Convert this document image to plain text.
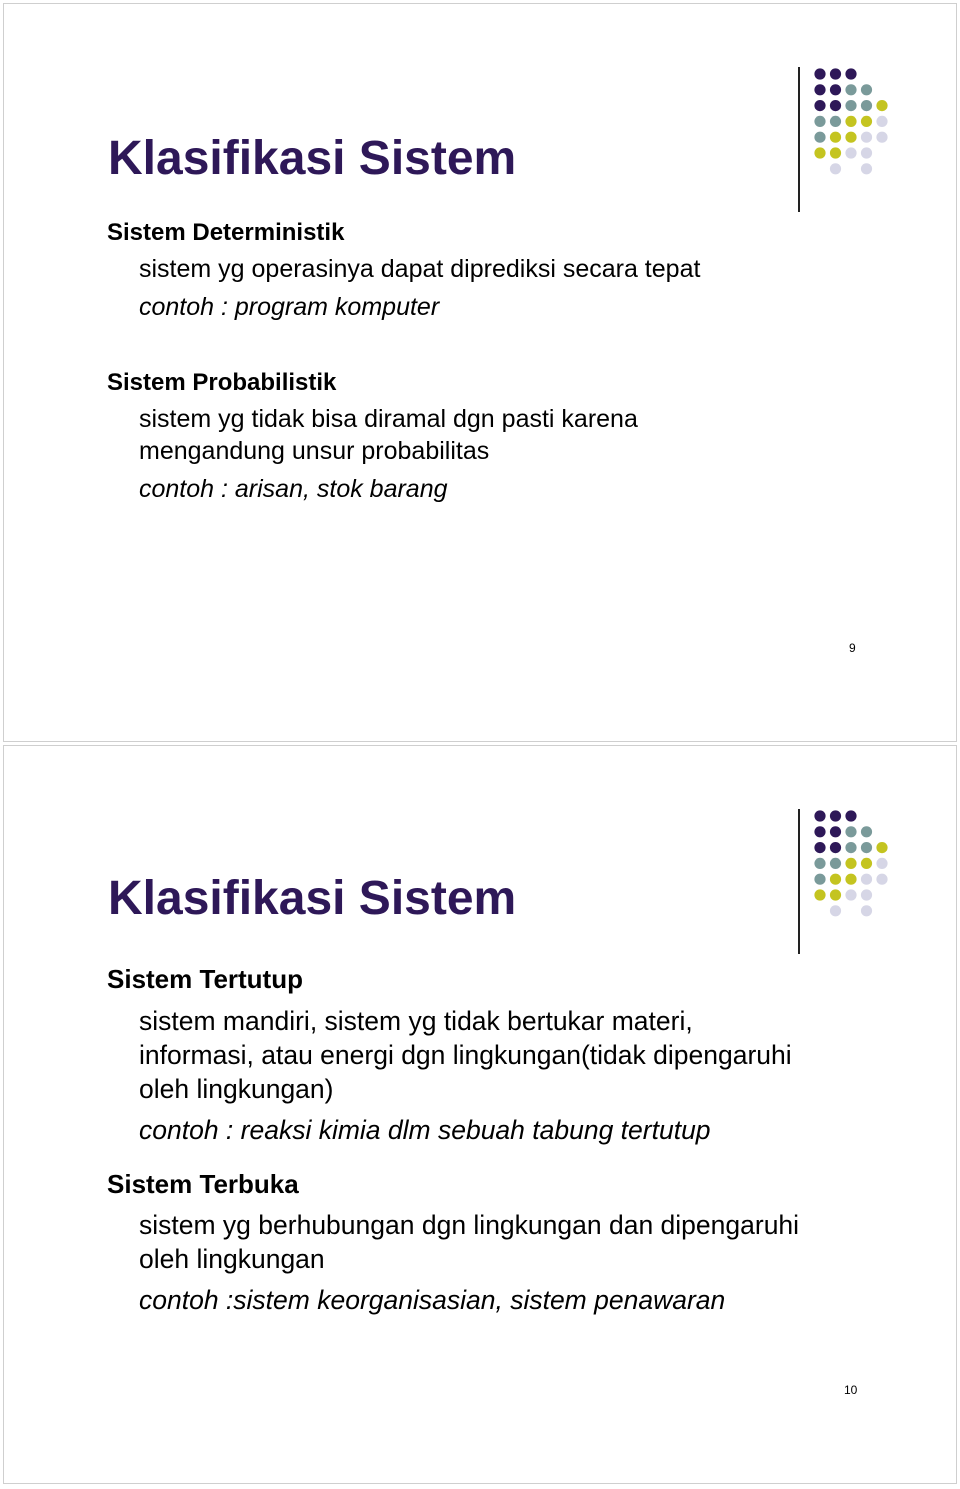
Klasifikasi Sistem
Sistem Deterministik
sistem yg operasinya dapat diprediksi secara tepat
contoh : program komputer
Sistem Probabilistik
sistem yg tidak bisa diramal dgn pasti karena
mengandung unsur probabilitas
contoh : arisan, stok barang
9
Klasifikasi Sistem
Sistem Tertutup
sistem mandiri, sistem yg tidak bertukar materi,
informasi, atau energi dgn lingkungan(tidak dipengaruhi
oleh lingkungan)
contoh : reaksi kimia dlm sebuah tabung tertutup
Sistem Terbuka
sistem yg berhubungan dgn lingkungan dan dipengaruhi
oleh lingkungan
contoh :sistem keorganisasian, sistem penawaran
10
